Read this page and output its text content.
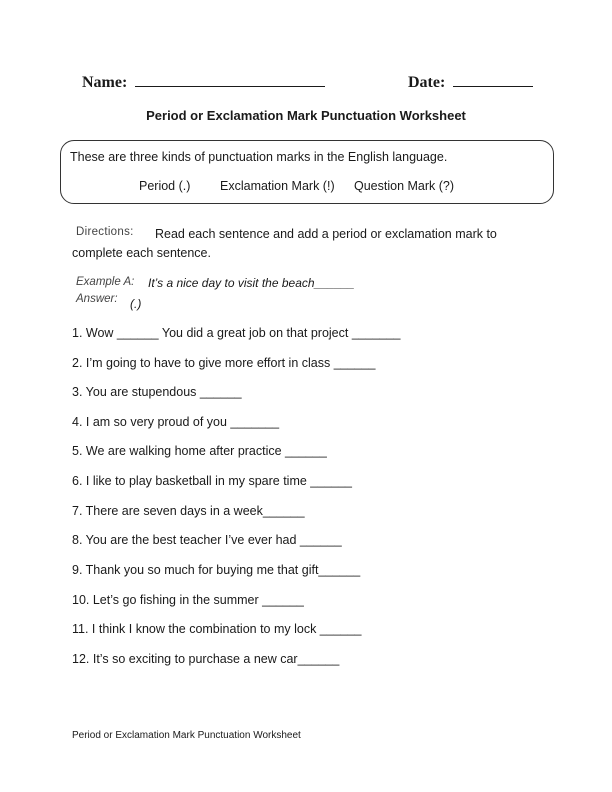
Name:	Date:
Period or Exclamation Mark Punctuation Worksheet
These are three kinds of punctuation marks in the English language.
Period (.) Exclamation Mark (!) Question Mark (?)
Directions: Read each sentence and add a period or exclamation mark to
complete each sentence.
Example A: It’s a nice day to visit the beach______
Answer: (.)
1. Wow ______ You did a great job on that project _______
2. I’m going to have to give more effort in class ______
3. You are stupendous ______
4. I am so very proud of you _______
5. We are walking home after practice ______
6. I like to play basketball in my spare time ______
7. There are seven days in a week______
8. You are the best teacher I’ve ever had ______
9. Thank you so much for buying me that gift______
10. Let’s go fishing in the summer ______
11. I think I know the combination to my lock ______
12. It’s so exciting to purchase a new car______
Period or Exclamation Mark Punctuation Worksheet
